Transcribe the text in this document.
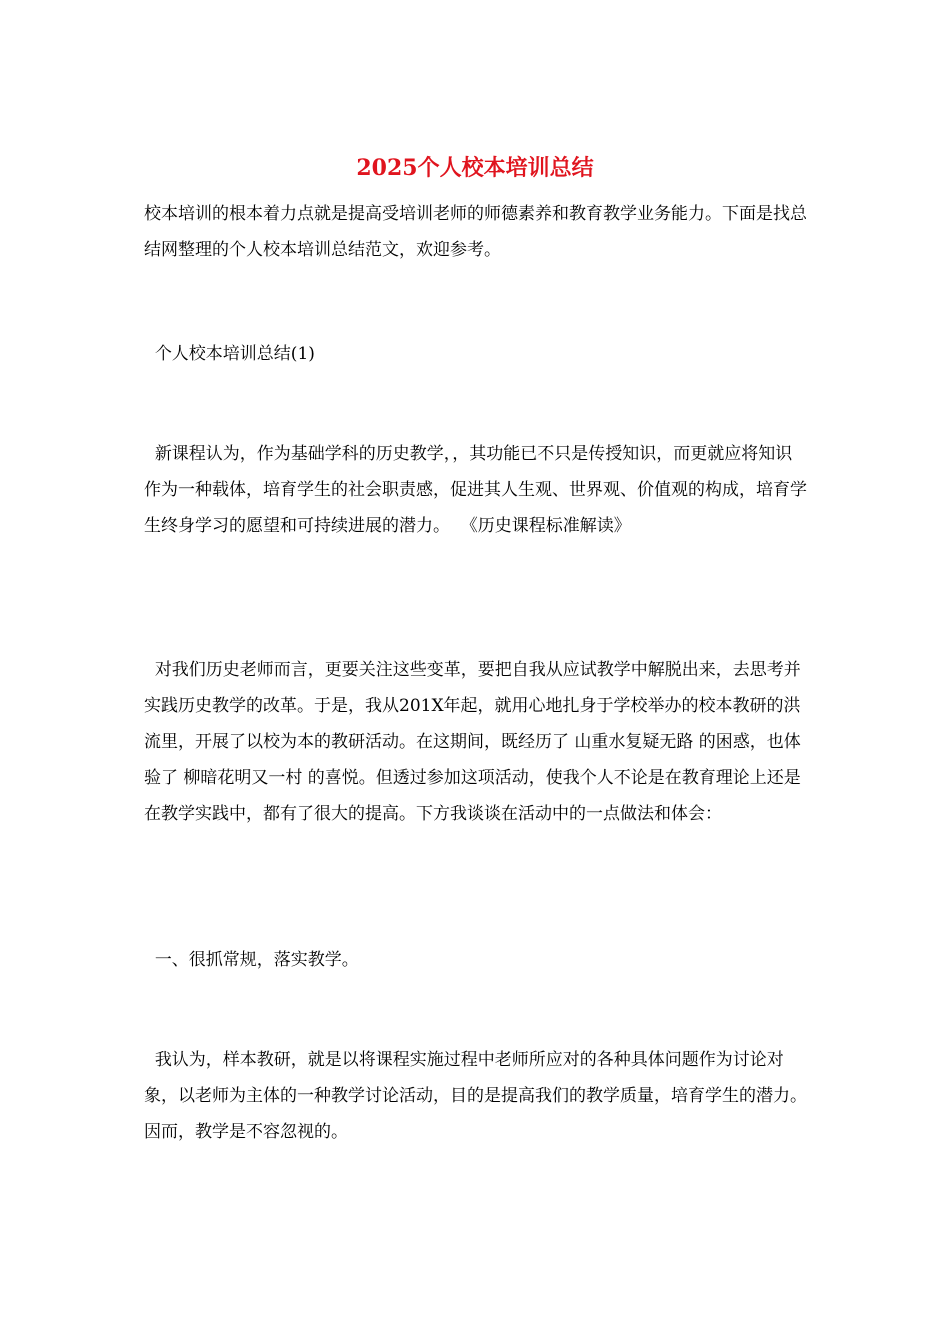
2025个人校本培训总结

校本培训的根本着力点就是提高受培训老师的师德素养和教育教学业务能力。下面是找总结网整理的个人校本培训总结范文，欢迎参考。

个人校本培训总结(1)

新课程认为，作为基础学科的历史教学，，其功能已不只是传授知识，而更就应将知识作为一种载体，培育学生的社会职责感，促进其人生观、世界观、价值观的构成，培育学生终身学习的愿望和可持续进展的潜力。  《历史课程标准解读》

对我们历史老师而言，更要关注这些变革，要把自我从应试教学中解脱出来，去思考并实践历史教学的改革。于是，我从201X年起，就用心地扎身于学校举办的校本教研的洪流里，开展了以校为本的教研活动。在这期间，既经历了 山重水复疑无路 的困惑，也体验了 柳暗花明又一村 的喜悦。但透过参加这项活动，使我个人不论是在教育理论上还是在教学实践中，都有了很大的提高。下方我谈谈在活动中的一点做法和体会：

一、很抓常规，落实教学。

我认为，样本教研，就是以将课程实施过程中老师所应对的各种具体问题作为讨论对象，以老师为主体的一种教学讨论活动，目的是提高我们的教学质量，培育学生的潜力。因而，教学是不容忽视的。
